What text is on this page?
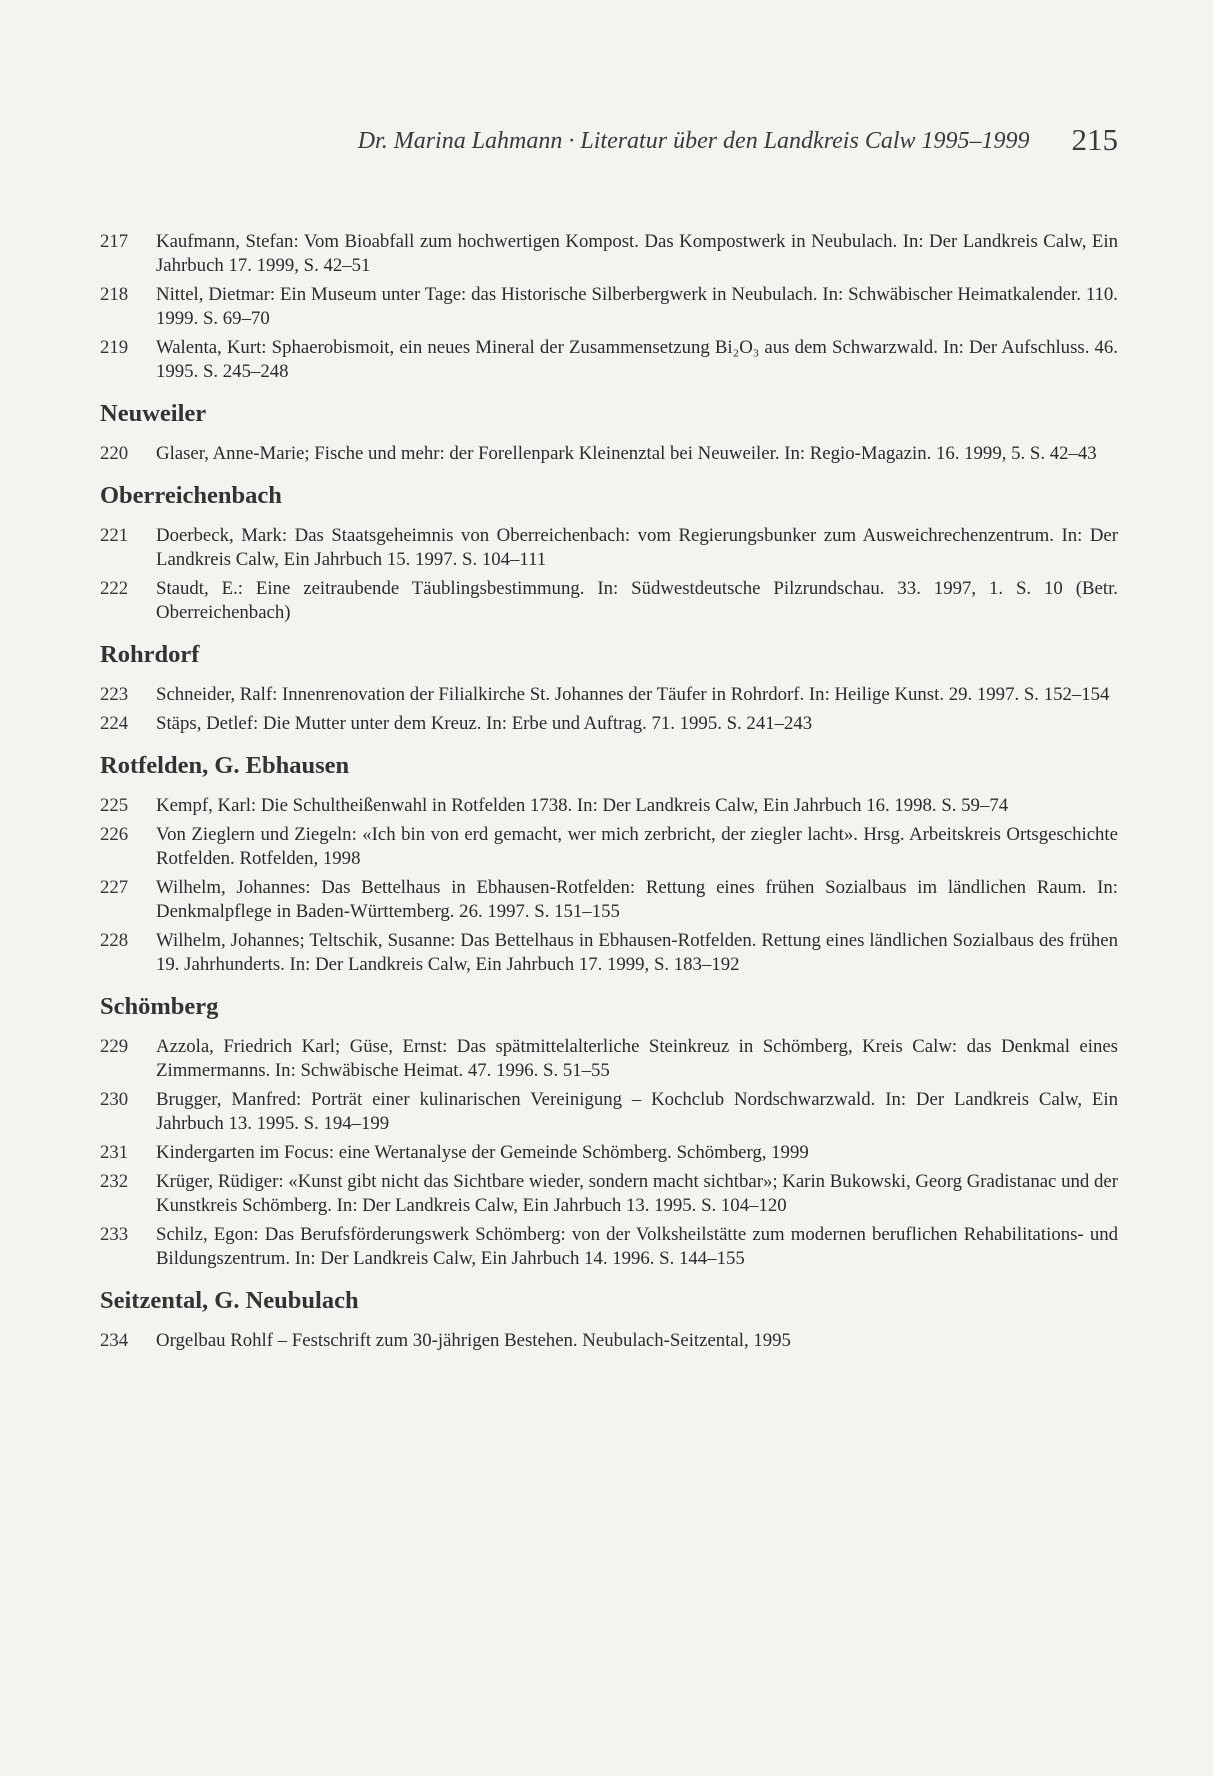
Dr. Marina Lahmann · Literatur über den Landkreis Calw 1995–1999 215
217	Kaufmann, Stefan: Vom Bioabfall zum hochwertigen Kompost. Das Kompostwerk in Neubulach. In: Der Landkreis Calw, Ein Jahrbuch 17. 1999, S. 42–51
218	Nittel, Dietmar: Ein Museum unter Tage: das Historische Silberbergwerk in Neubulach. In: Schwäbischer Heimatkalender. 110. 1999. S. 69–70
219	Walenta, Kurt: Sphaerobismoit, ein neues Mineral der Zusammensetzung Bi₂O₃ aus dem Schwarzwald. In: Der Aufschluss. 46. 1995. S. 245–248
Neuweiler
220	Glaser, Anne-Marie; Fische und mehr: der Forellenpark Kleinenztal bei Neuweiler. In: Regio-Magazin. 16. 1999, 5. S. 42–43
Oberreichenbach
221	Doerbeck, Mark: Das Staatsgeheimnis von Oberreichenbach: vom Regierungsbunker zum Ausweichrechenzentrum. In: Der Landkreis Calw, Ein Jahrbuch 15. 1997. S. 104–111
222	Staudt, E.: Eine zeitraubende Täublingsbestimmung. In: Südwestdeutsche Pilzrundschau. 33. 1997, 1. S. 10 (Betr. Oberreichenbach)
Rohrdorf
223	Schneider, Ralf: Innenrenovation der Filialkirche St. Johannes der Täufer in Rohrdorf. In: Heilige Kunst. 29. 1997. S. 152–154
224	Stäps, Detlef: Die Mutter unter dem Kreuz. In: Erbe und Auftrag. 71. 1995. S. 241–243
Rotfelden, G. Ebhausen
225	Kempf, Karl: Die Schultheißenwahl in Rotfelden 1738. In: Der Landkreis Calw, Ein Jahrbuch 16. 1998. S. 59–74
226	Von Zieglern und Ziegeln: «Ich bin von erd gemacht, wer mich zerbricht, der ziegler lacht». Hrsg. Arbeitskreis Ortsgeschichte Rotfelden. Rotfelden, 1998
227	Wilhelm, Johannes: Das Bettelhaus in Ebhausen-Rotfelden: Rettung eines frühen Sozialbaus im ländlichen Raum. In: Denkmalpflege in Baden-Württemberg. 26. 1997. S. 151–155
228	Wilhelm, Johannes; Teltschik, Susanne: Das Bettelhaus in Ebhausen-Rotfelden. Rettung eines ländlichen Sozialbaus des frühen 19. Jahrhunderts. In: Der Landkreis Calw, Ein Jahrbuch 17. 1999, S. 183–192
Schömberg
229	Azzola, Friedrich Karl; Güse, Ernst: Das spätmittelalterliche Steinkreuz in Schömberg, Kreis Calw: das Denkmal eines Zimmermanns. In: Schwäbische Heimat. 47. 1996. S. 51–55
230	Brugger, Manfred: Porträt einer kulinarischen Vereinigung – Kochclub Nordschwarzwald. In: Der Landkreis Calw, Ein Jahrbuch 13. 1995. S. 194–199
231	Kindergarten im Focus: eine Wertanalyse der Gemeinde Schömberg. Schömberg, 1999
232	Krüger, Rüdiger: «Kunst gibt nicht das Sichtbare wieder, sondern macht sichtbar»; Karin Bukowski, Georg Gradistanac und der Kunstkreis Schömberg. In: Der Landkreis Calw, Ein Jahrbuch 13. 1995. S. 104–120
233	Schilz, Egon: Das Berufsförderungswerk Schömberg: von der Volksheilstätte zum modernen beruflichen Rehabilitations- und Bildungszentrum. In: Der Landkreis Calw, Ein Jahrbuch 14. 1996. S. 144–155
Seitzental, G. Neubulach
234	Orgelbau Rohlf – Festschrift zum 30-jährigen Bestehen. Neubulach-Seitzental, 1995
